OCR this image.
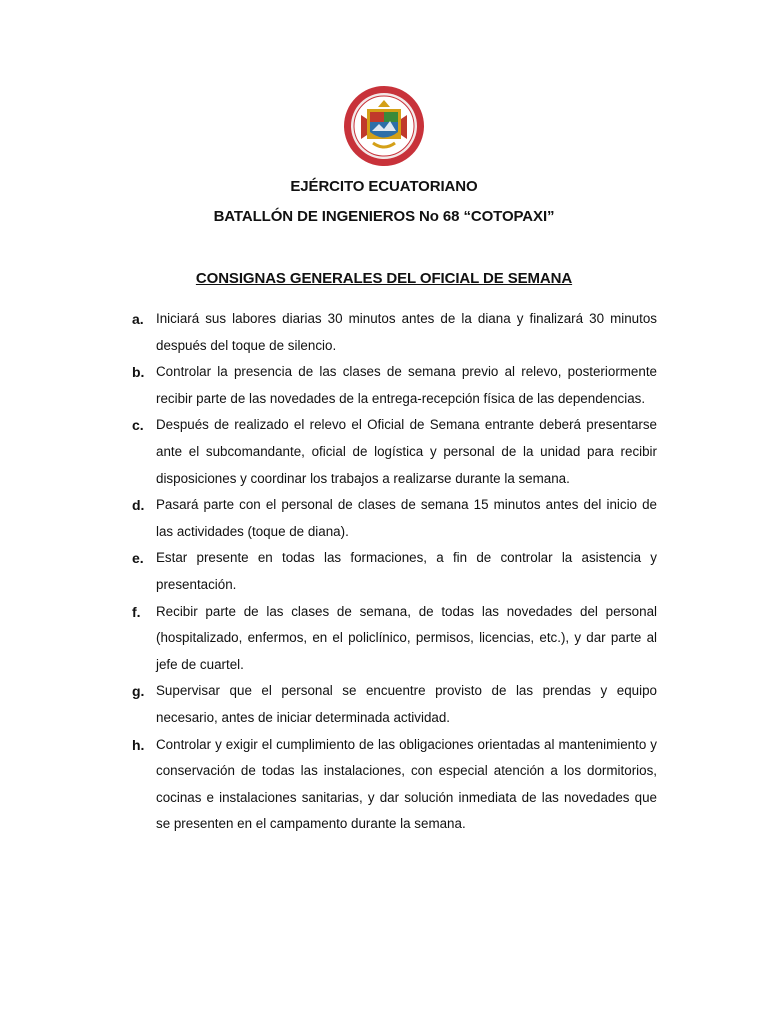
EJÉRCITO ECUATORIANO
BATALLÓN DE INGENIEROS No 68 “COTOPAXI”
CONSIGNAS GENERALES DEL OFICIAL DE SEMANA
a. Iniciará sus labores diarias 30 minutos antes de la diana y finalizará 30 minutos después del toque de silencio.

b. Controlar la presencia de las clases de semana previo al relevo, posteriormente recibir parte de las novedades de la entrega-recepción física de las dependencias.

c. Después de realizado el relevo el Oficial de Semana entrante deberá presentarse ante el subcomandante, oficial de logística y personal de la unidad para recibir disposiciones y coordinar los trabajos a realizarse durante la semana.

d. Pasará parte con el personal de clases de semana 15 minutos antes del inicio de las actividades (toque de diana).

e. Estar presente en todas las formaciones, a fin de controlar la asistencia y presentación.

f. Recibir parte de las clases de semana, de todas las novedades del personal (hospitalizado, enfermos, en el policlínico, permisos, licencias, etc.), y dar parte al jefe de cuartel.

g. Supervisar que el personal se encuentre provisto de las prendas y equipo necesario, antes de iniciar determinada actividad.

h. Controlar y exigir el cumplimiento de las obligaciones orientadas al mantenimiento y conservación de todas las instalaciones, con especial atención a los dormitorios, cocinas e instalaciones sanitarias, y dar solución inmediata de las novedades que se presenten en el campamento durante la semana.
